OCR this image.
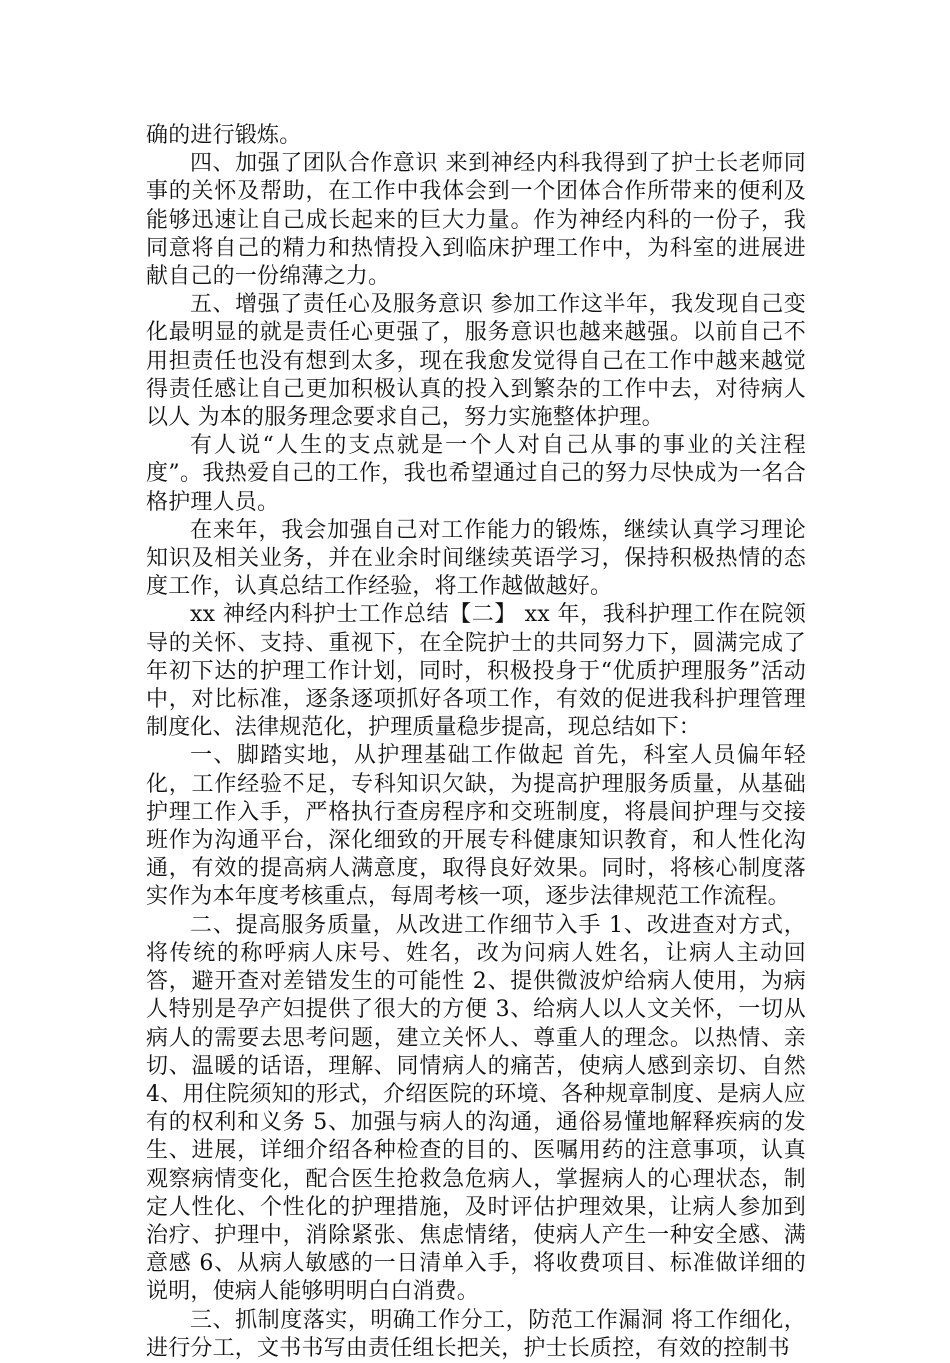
确的进行锻炼。

四、加强了团队合作意识 来到神经内科我得到了护士长老师同事的关怀及帮助，在工作中我体会到一个团体合作所带来的便利及能够迅速让自己成长起来的巨大力量。作为神经内科的一份子，我同意将自己的精力和热情投入到临床护理工作中，为科室的进展进献自己的一份绵薄之力。

五、增强了责任心及服务意识 参加工作这半年，我发现自己变化最明显的就是责任心更强了，服务意识也越来越强。以前自己不用担责任也没有想到太多，现在我愈发觉得自己在工作中越来越觉得责任感让自己更加积极认真的投入到繁杂的工作中去，对待病人以人 为本的服务理念要求自己，努力实施整体护理。

有人说“人生的支点就是一个人对自己从事的事业的关注程度”。我热爱自己的工作，我也希望通过自己的努力尽快成为一名合格护理人员。

在来年，我会加强自己对工作能力的锻炼，继续认真学习理论知识及相关业务，并在业余时间继续英语学习，保持积极热情的态度工作，认真总结工作经验，将工作越做越好。

xx 神经内科护士工作总结【二】 xx 年，我科护理工作在院领导的关怀、支持、重视下，在全院护士的共同努力下，圆满完成了年初下达的护理工作计划，同时，积极投身于“优质护理服务”活动中，对比标准，逐条逐项抓好各项工作，有效的促进我科护理管理制度化、法律规范化，护理质量稳步提高，现总结如下：

一、脚踏实地，从护理基础工作做起 首先，科室人员偏年轻化，工作经验不足，专科知识欠缺，为提高护理服务质量，从基础护理工作入手，严格执行查房程序和交班制度，将晨间护理与交接班作为沟通平台，深化细致的开展专科健康知识教育，和人性化沟通，有效的提高病人满意度，取得良好效果。同时，将核心制度落实作为本年度考核重点，每周考核一项，逐步法律规范工作流程。

二、提高服务质量，从改进工作细节入手 1、改进查对方式，将传统的称呼病人床号、姓名，改为问病人姓名，让病人主动回答，避开查对差错发生的可能性 2、提供微波炉给病人使用，为病人特别是孕产妇提供了很大的方便 3、给病人以人文关怀，一切从病人的需要去思考问题，建立关怀人、尊重人的理念。以热情、亲切、温暖的话语，理解、同情病人的痛苦，使病人感到亲切、自然 4、用住院须知的形式，介绍医院的环境、各种规章制度、是病人应有的权利和义务 5、加强与病人的沟通，通俗易懂地解释疾病的发生、进展，详细介绍各种检查的目的、医嘱用药的注意事项，认真观察病情变化，配合医生抢救急危病人，掌握病人的心理状态，制定人性化、个性化的护理措施，及时评估护理效果，让病人参加到治疗、护理中，消除紧张、焦虑情绪，使病人产生一种安全感、满意感 6、从病人敏感的一日清单入手，将收费项目、标准做详细的说明，使病人能够明明白白消费。

三、抓制度落实，明确工作分工，防范工作漏洞 将工作细化，进行分工，文书书写由责任组长把关，护士长质控，有效的控制书
